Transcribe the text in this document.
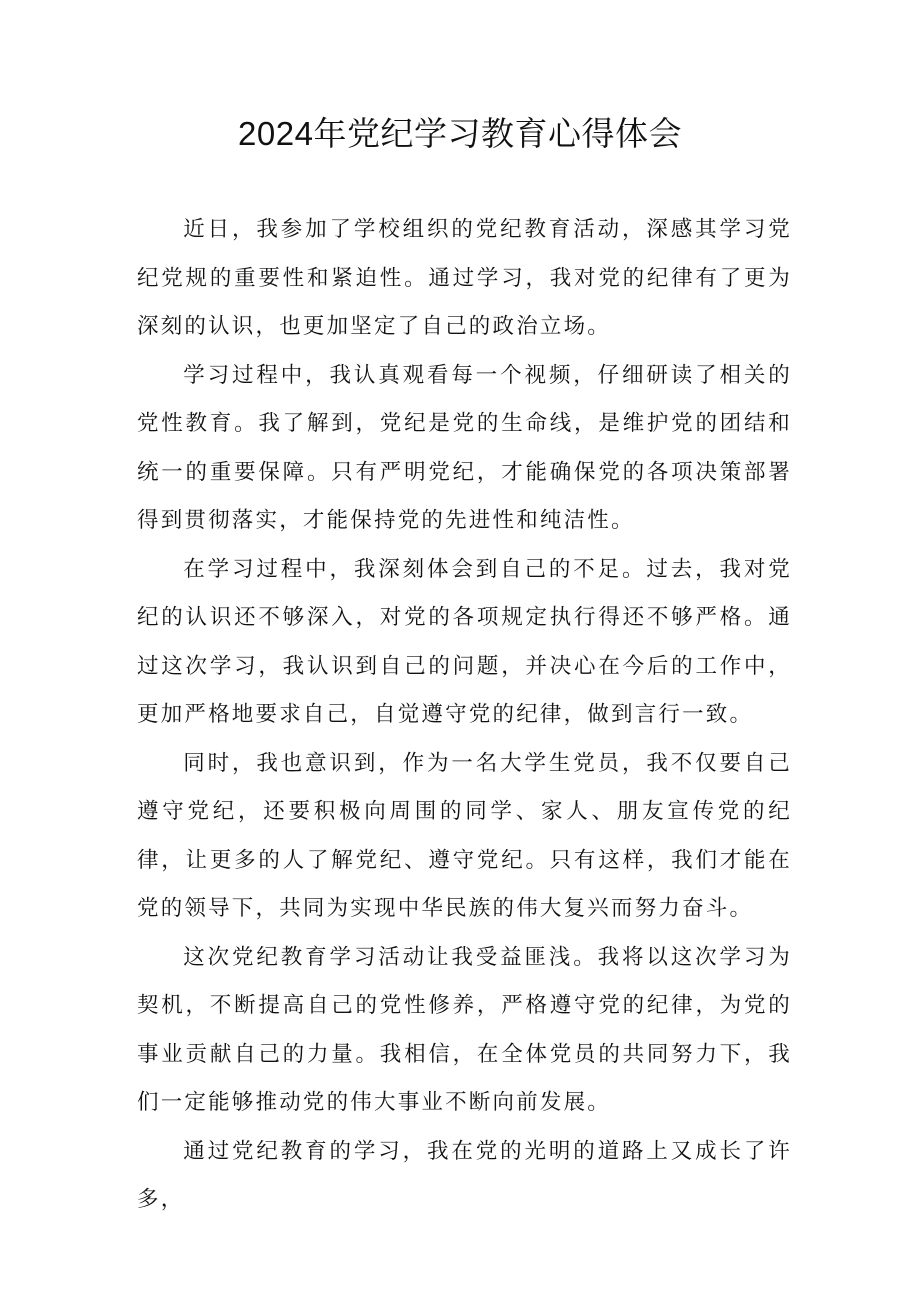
2024年党纪学习教育心得体会

近日，我参加了学校组织的党纪教育活动，深感其学习党纪党规的重要性和紧迫性。通过学习，我对党的纪律有了更为深刻的认识，也更加坚定了自己的政治立场。

学习过程中，我认真观看每一个视频，仔细研读了相关的党性教育。我了解到，党纪是党的生命线，是维护党的团结和统一的重要保障。只有严明党纪，才能确保党的各项决策部署得到贯彻落实，才能保持党的先进性和纯洁性。

在学习过程中，我深刻体会到自己的不足。过去，我对党纪的认识还不够深入，对党的各项规定执行得还不够严格。通过这次学习，我认识到自己的问题，并决心在今后的工作中，更加严格地要求自己，自觉遵守党的纪律，做到言行一致。

同时，我也意识到，作为一名大学生党员，我不仅要自己遵守党纪，还要积极向周围的同学、家人、朋友宣传党的纪律，让更多的人了解党纪、遵守党纪。只有这样，我们才能在党的领导下，共同为实现中华民族的伟大复兴而努力奋斗。

这次党纪教育学习活动让我受益匪浅。我将以这次学习为契机，不断提高自己的党性修养，严格遵守党的纪律，为党的事业贡献自己的力量。我相信，在全体党员的共同努力下，我们一定能够推动党的伟大事业不断向前发展。

通过党纪教育的学习，我在党的光明的道路上又成长了许多，
